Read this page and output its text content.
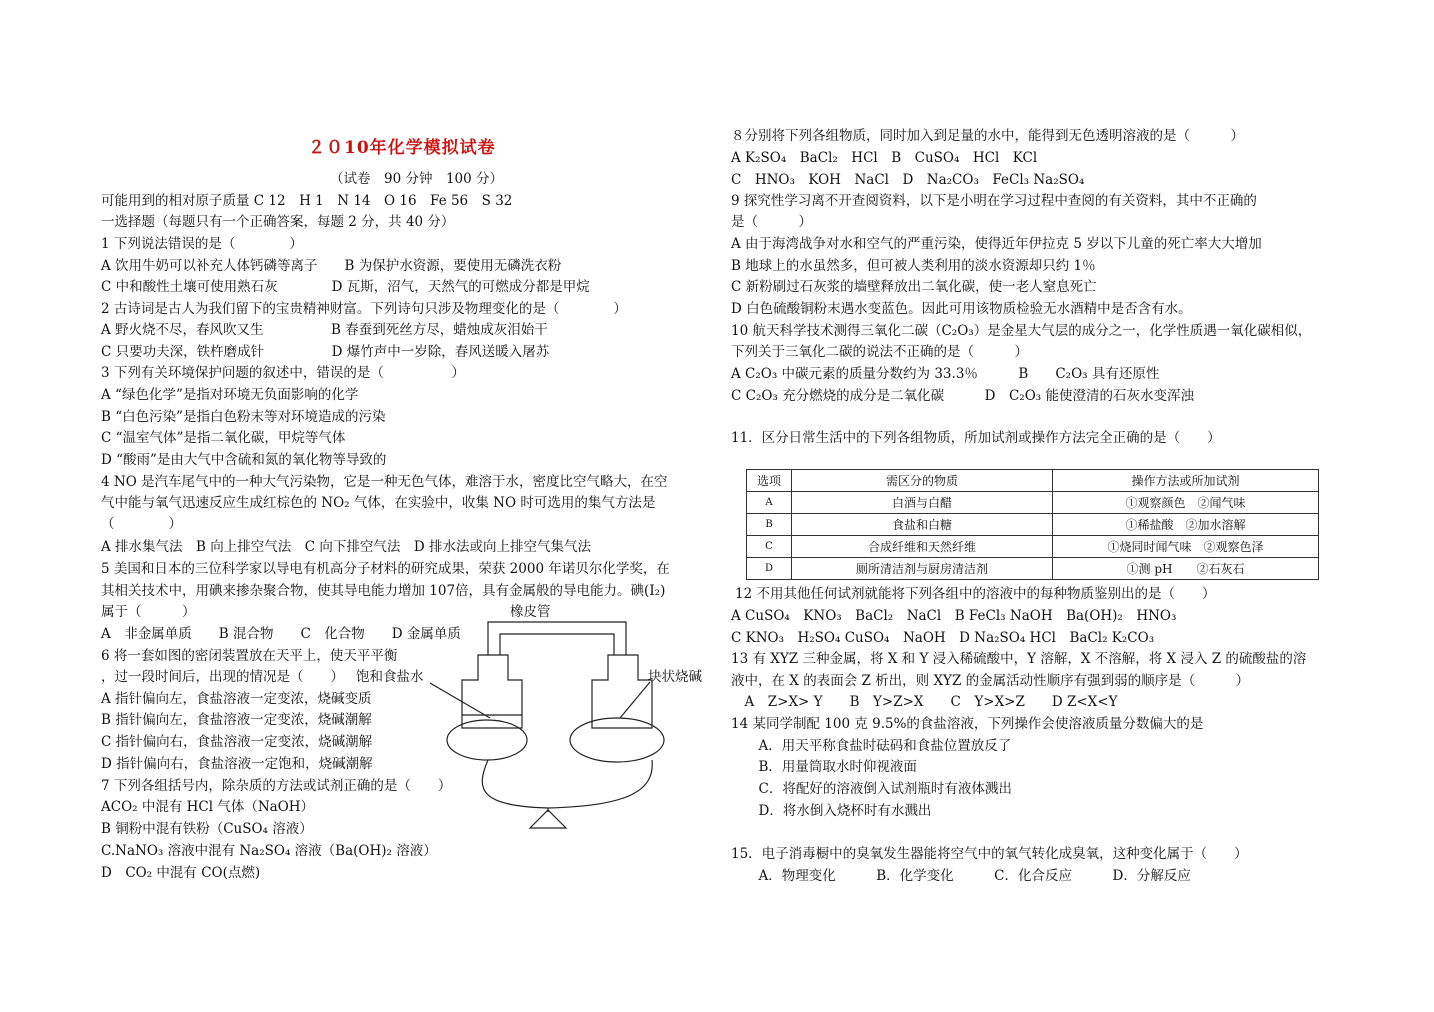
２０10年化学模拟试卷
（试卷　90 分钟　100 分）
可能用到的相对原子质量 C 12　H 1　N 14　O 16　Fe 56　S 32
一选择题（每题只有一个正确答案，每题 2 分，共 40 分）
1 下列说法错误的是（　　　　）
A 饮用牛奶可以补充人体钙磷等离子　　B 为保护水资源，要使用无磷洗衣粉
C 中和酸性土壤可使用熟石灰　　　　D 瓦斯，沼气，天然气的可燃成分都是甲烷
2 古诗词是古人为我们留下的宝贵精神财富。下列诗句只涉及物理变化的是（　　　　）
A 野火烧不尽，春风吹又生　　　　　B 春蚕到死丝方尽，蜡烛成灰泪始干
C 只要功夫深，铁杵磨成针　　　　　D 爆竹声中一岁除，春风送暖入屠苏
3 下列有关环境保护问题的叙述中，错误的是（　　　　　）
A “绿色化学”是指对环境无负面影响的化学
B “白色污染”是指白色粉末等对环境造成的污染
C “温室气体”是指二氧化碳，甲烷等气体
D “酸雨”是由大气中含硫和氮的氧化物等导致的
4 NO 是汽车尾气中的一种大气污染物，它是一种无色气体，难溶于水，密度比空气略大，在空
气中能与氧气迅速反应生成红棕色的 NO₂ 气体，在实验中，收集 NO 时可选用的集气方法是
（　　　　）
A 排水集气法　B 向上排空气法　C 向下排空气法　D 排水法或向上排空气集气法
5 美国和日本的三位科学家以导电有机高分子材料的研究成果，荣获 2000 年诺贝尔化学奖，在
其相关技术中，用碘来掺杂聚合物，使其导电能力增加 107倍，具有金属般的导电能力。碘(I₂)
属于（　　　）
A　非金属单质　　B 混合物　　C　化合物　　D 金属单质
6 将一套如图的密闭装置放在天平上，使天平平衡
，过一段时间后，出现的情况是（　　）
A 指针偏向左，食盐溶液一定变浓，烧碱变质
B 指针偏向左，食盐溶液一定变浓，烧碱潮解
C 指针偏向右，食盐溶液一定变浓，烧碱潮解
D 指针偏向右，食盐溶液一定饱和，烧碱潮解
7 下列各组括号内，除杂质的方法或试剂正确的是（　　）
ACO₂ 中混有 HCl 气体（NaOH）
B 铜粉中混有铁粉（CuSO₄ 溶液）
C.NaNO₃ 溶液中混有 Na₂SO₄ 溶液（Ba(OH)₂ 溶液）
D　CO₂ 中混有 CO(点燃)
橡皮管
饱和食盐水	块状烧碱
８分别将下列各组物质，同时加入到足量的水中，能得到无色透明溶液的是（　　　）
A K₂SO₄　BaCl₂　HCl　B　CuSO₄　HCl　KCl
C　HNO₃　KOH　NaCl　D　Na₂CO₃　FeCl₃ Na₂SO₄
9 探究性学习离不开查阅资料，以下是小明在学习过程中查阅的有关资料，其中不正确的
是（　　　）
A 由于海湾战争对水和空气的严重污染，使得近年伊拉克 5 岁以下儿童的死亡率大大增加
B 地球上的水虽然多，但可被人类利用的淡水资源却只约 1％
C 新粉刷过石灰浆的墙壁释放出二氧化碳，使一老人窒息死亡
D 白色硫酸铜粉末遇水变蓝色。因此可用该物质检验无水酒精中是否含有水。
10 航天科学技术测得三氧化二碳（C₂O₃）是金星大气层的成分之一，化学性质遇一氧化碳相似，
下列关于三氧化二碳的说法不正确的是（　　　）
A C₂O₃ 中碳元素的质量分数约为 33.3％　　　B　　C₂O₃ 具有还原性
C C₂O₃ 充分燃烧的成分是二氧化碳　　　D　C₂O₃ 能使澄清的石灰水变浑浊
11．区分日常生活中的下列各组物质，所加试剂或操作方法完全正确的是（　　）
选项	需区分的物质	操作方法或所加试剂
A	白酒与白醋	①观察颜色　②闻气味
B	食盐和白糖	①稀盐酸　②加水溶解
C	合成纤维和天然纤维	①烧同时闻气味　②观察色泽
D	厕所清洁剂与厨房清洁剂	①测 pH　　②石灰石
12 不用其他任何试剂就能将下列各组中的溶液中的每种物质鉴别出的是（　　）
A CuSO₄　KNO₃　BaCl₂　NaCl　B FeCl₃ NaOH　Ba(OH)₂　HNO₃
C KNO₃　H₂SO₄ CuSO₄　NaOH　D Na₂SO₄ HCl　BaCl₂ K₂CO₃
13 有 XYZ 三种金属，将 X 和 Y 浸入稀硫酸中，Y 溶解，X 不溶解，将 X 浸入 Z 的硫酸盐的溶
液中，在 X 的表面会 Z 析出，则 XYZ 的金属活动性顺序有强到弱的顺序是（　　　）
　A　Z>X> Y　　B　Y>Z>X　　C　Y>X>Z　　D Z<X<Y
14 某同学制配 100 克 9.5%的食盐溶液，下列操作会使溶液质量分数偏大的是
　A．用天平称食盐时砝码和食盐位置放反了
　B．用量筒取水时仰视液面
　C．将配好的溶液倒入试剂瓶时有液体溅出
　D．将水倒入烧杯时有水溅出
15．电子消毒橱中的臭氧发生器能将空气中的氧气转化成臭氧，这种变化属于（　　）
　A．物理变化　　　B．化学变化　　　C．化合反应　　　D．分解反应
